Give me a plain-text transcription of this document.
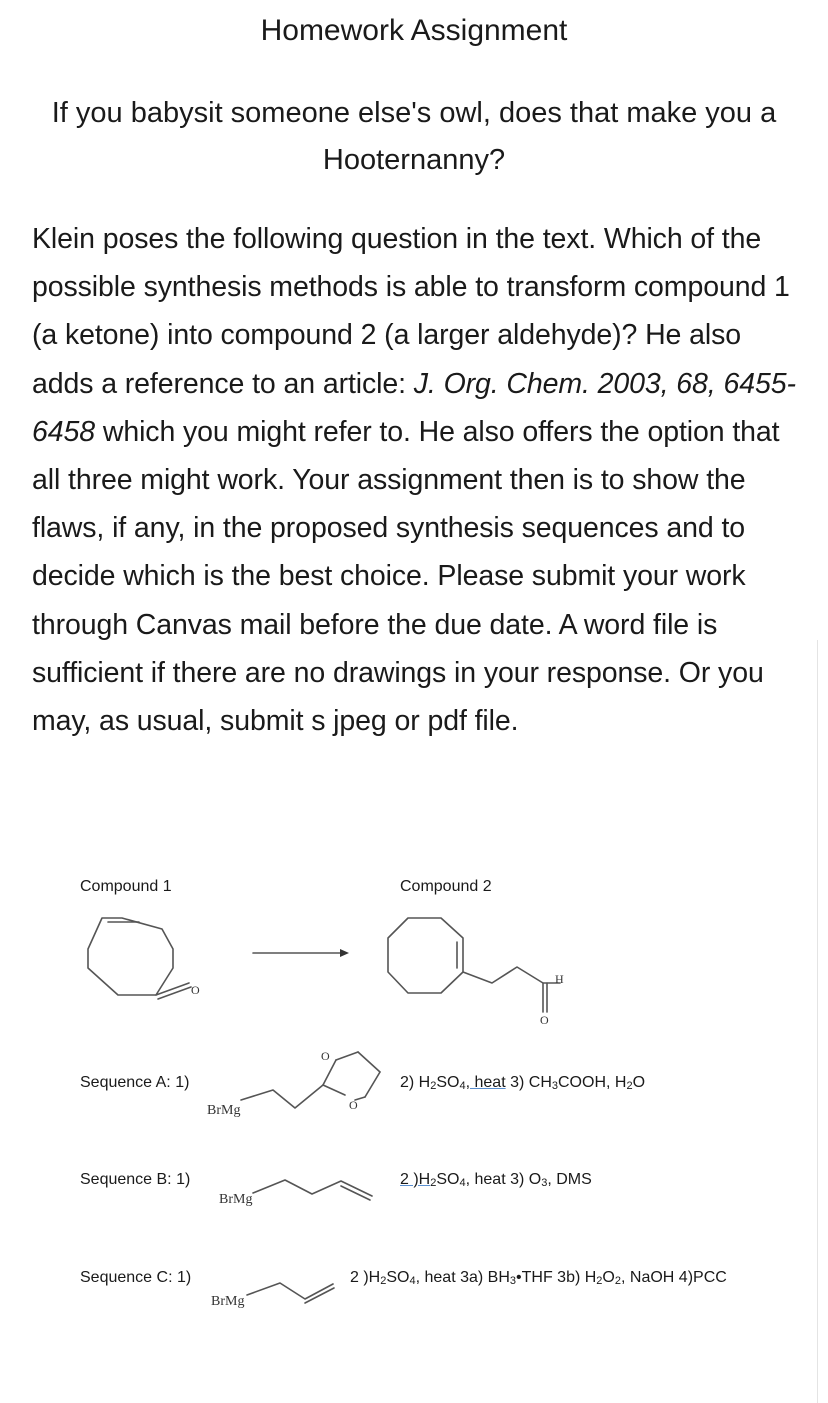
Homework Assignment
If you babysit someone else's owl, does that make you a Hooternanny?
Klein poses the following question in the text. Which of the possible synthesis methods is able to transform compound 1 (a ketone) into compound 2 (a larger aldehyde)? He also adds a reference to an article: J. Org. Chem. 2003, 68, 6455-6458 which you might refer to. He also offers the option that all three might work. Your assignment then is to show the flaws, if any, in the proposed synthesis sequences and to decide which is the best choice. Please submit your work through Canvas mail before the due date. A word file is sufficient if there are no drawings in your response. Or you may, as usual, submit s jpeg or pdf file.
Compound 1	Compound 2
Sequence A: 1)
Sequence B: 1)
Sequence C: 1)
2) $H_2SO_4$, heat 3) $CH_3COOH$, $H_2O$
2 )$H_2SO_4$, heat 3) $O_3$, DMS
2 )$H_2SO_4$, heat 3a) $BH_3•THF$ 3b) $H_2O_2$, NaOH 4)PCC
O
H
O
O
O
BrMg
BrMg
BrMg
